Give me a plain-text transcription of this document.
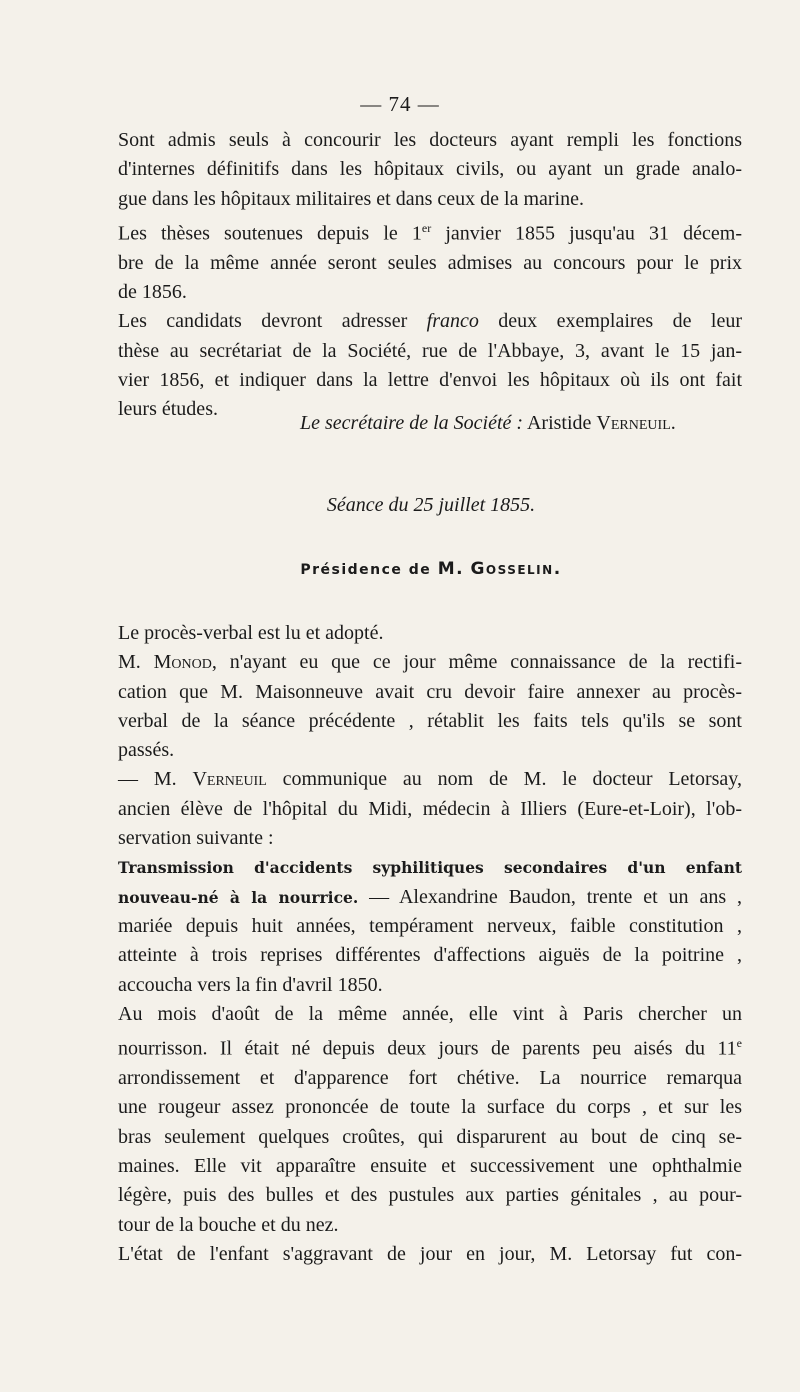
— 74 —
Sont admis seuls à concourir les docteurs ayant rempli les fonctions
d'internes définitifs dans les hôpitaux civils, ou ayant un grade analo-
gue dans les hôpitaux militaires et dans ceux de la marine.
Les thèses soutenues depuis le 1er janvier 1855 jusqu'au 31 décem-
bre de la même année seront seules admises au concours pour le prix
de 1856.
Les candidats devront adresser franco deux exemplaires de leur
thèse au secrétariat de la Société, rue de l'Abbaye, 3, avant le 15 jan-
vier 1856, et indiquer dans la lettre d'envoi les hôpitaux où ils ont fait
leurs études.
Le secrétaire de la Société : Aristide Verneuil.
Séance du 25 juillet 1855.
Présidence de M. Gosselin.
Le procès-verbal est lu et adopté.
M. Monod, n'ayant eu que ce jour même connaissance de la rectifi-
cation que M. Maisonneuve avait cru devoir faire annexer au procès-
verbal de la séance précédente , rétablit les faits tels qu'ils se sont
passés.
— M. Verneuil communique au nom de M. le docteur Letorsay,
ancien élève de l'hôpital du Midi, médecin à Illiers (Eure-et-Loir), l'ob-
servation suivante :
Transmission d'accidents syphilitiques secondaires d'un enfant
nouveau-né à la nourrice. — Alexandrine Baudon, trente et un ans ,
mariée depuis huit années, tempérament nerveux, faible constitution ,
atteinte à trois reprises différentes d'affections aiguës de la poitrine ,
accoucha vers la fin d'avril 1850.
Au mois d'août de la même année, elle vint à Paris chercher un
nourrisson. Il était né depuis deux jours de parents peu aisés du 11e
arrondissement et d'apparence fort chétive. La nourrice remarqua
une rougeur assez prononcée de toute la surface du corps , et sur les
bras seulement quelques croûtes, qui disparurent au bout de cinq se-
maines. Elle vit apparaître ensuite et successivement une ophthalmie
légère, puis des bulles et des pustules aux parties génitales , au pour-
tour de la bouche et du nez.
L'état de l'enfant s'aggravant de jour en jour, M. Letorsay fut con-
